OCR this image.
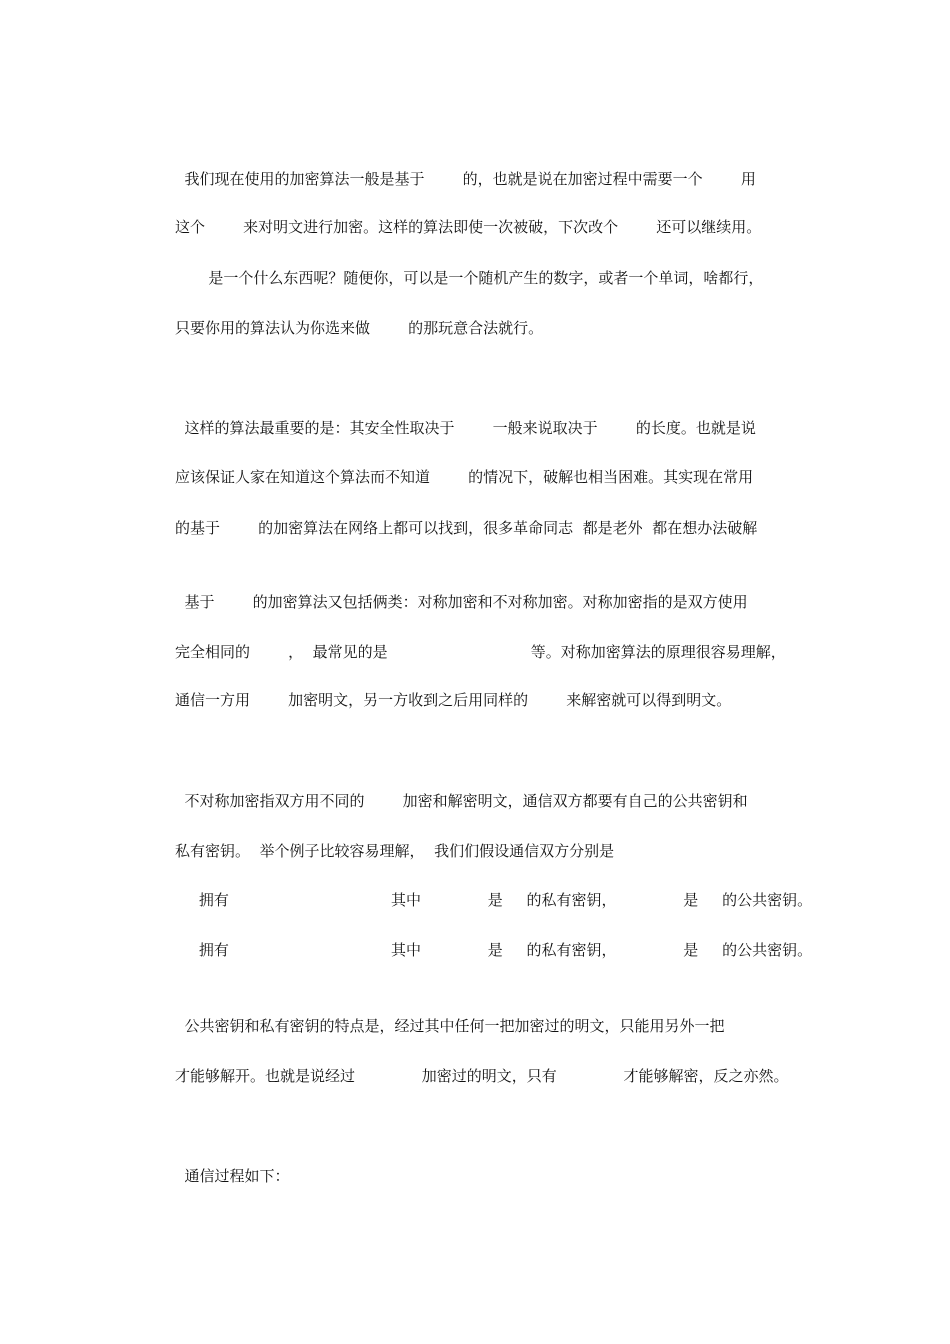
我们现在使用的加密算法一般是基于        的，也就是说在加密过程中需要一个        用
这个        来对明文进行加密。这样的算法即使一次被破，下次改个        还可以继续用。
是一个什么东西呢？随便你，可以是一个随机产生的数字，或者一个单词，啥都行，
只要你用的算法认为你选来做        的那玩意合法就行。
这样的算法最重要的是：其安全性取决于        一般来说取决于        的长度。也就是说
应该保证人家在知道这个算法而不知道        的情况下，破解也相当困难。其实现在常用
的基于        的加密算法在网络上都可以找到，很多革命同志  都是老外  都在想办法破解
基于        的加密算法又包括俩类：对称加密和不对称加密。对称加密指的是双方使用
完全相同的        ，  最常见的是                              等。对称加密算法的原理很容易理解，
通信一方用        加密明文，另一方收到之后用同样的        来解密就可以得到明文。
不对称加密指双方用不同的        加密和解密明文，通信双方都要有自己的公共密钥和
私有密钥。  举个例子比较容易理解，  我们们假设通信双方分别是
拥有                                  其中              是     的私有密钥，              是     的公共密钥。
拥有                                  其中              是     的私有密钥，              是     的公共密钥。
公共密钥和私有密钥的特点是，经过其中任何一把加密过的明文，只能用另外一把
才能够解开。也就是说经过              加密过的明文，只有              才能够解密，反之亦然。
通信过程如下：
